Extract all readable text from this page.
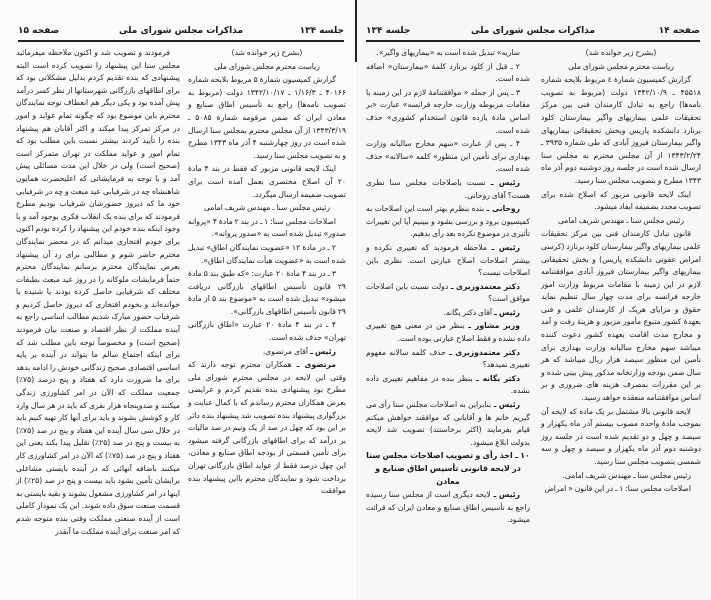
جلسه ۱۳۴
مذاکرات مجلس شورای ملی
صفحه ۱۵

(بشرح زیر خوانده شد)

ریاست محترم مجلس شورای ملی

گزارش کمیسیون شمارهٔ ۵ مربوط بلایحه شماره ۴۰۱۶۶ ـ ۱/۱۶/۳ ـ ۱۳۴۲/۱۰/۱۷ دولت (مربوط به تصویب نامه‌ها) راجع به تأسیس اطاق صنایع و معادن ایران که ضمن مرقومه شمارهٔ ۵۰۸۵ ـ ۱۳۴۳/۳/۱۹ از آن مجلس محترم بمجلس سنا ارسال شده است در روز چهارشنبه ۴ آذر ماه ۱۳۴۳ مطرح و به تصویب مجلس سنا رسید.

اینک لایحه قانونی مزبور که فقط در بند ۴ مادهٔ ۲۰ آن اصلاح مختصری بعمل آمده است برای تصویب ضمیمه ارسال میگردد.

رئیس مجلس سنا ـ مهندس شریف امامی

اصلاحات مجلس سنا: ۱ ـ در بند ۲ مادهٔ ۴ «پروانه صدور» تبدیل شده است به «صدور پروانه».

۲ ـ در مادهٔ ۱۲ «عضویت نمایندگان اطاق» تبدیل شده است به «عضویت هیأت نمایندگان اطاق».

۳ ـ در بند ۴ مادهٔ ۲۰ عبارت: «که طبق بند ۵ مادهٔ ۲۹ قانون تأسیس اطاقهای بازرگانی دریافت میشود» تبدیل شده است به «موضوع بند ۵ از مادهٔ ۲۹ قانون تأسیس اطاقهای بازرگانی».

۴ ـ در بند ۴ مادهٔ ۲۰ عبارت «اطاق بازرگانی تهران» حذف شده است.

رئیس ـ آقای مرتضوی.

مرتضوی ـ همکاران محترم توجه دارند که وقتی این لایحه در مجلس محترم شورای ملی مطرح بود پیشنهادی بنده تقدیم کردم و عرایضی بعرض همکاران محترم رساندم که با کمال عنایت و بزرگواری پیشنهاد بنده تصویب شد پیشنهاد بنده دائر بر این بود که چهل در صد از یک ونیم در صد مالیات بر درآمد که برای اطاقهای بازرگانی گرفته میشود برای تأمین قسمتی از بودجه اطاق صنایع و معادن، این چهل درصد فقط از عواید اطاق بازرگانی تهران برداخت شود و نمایندگان محترم بااین پیشنهاد بنده موافقت

فرمودند و تصویب شد و اکنون ملاحظه میفرمائید مجلس سنا این پیشنهاد را تصویب کرده است البته پیشنهادی که بنده تقدیم کردم بدلیل مشکلاتی بود که برای اطاقهای بازرگانی شهرستانها از نظر کسر درآمد پیش آمده بود و یکی دیگر هم انعطاف توجه نمایندگان محترم باین موضوع بود که چگونه تمام عواید و امور در مرکز تمرکز پیدا میکند و اکثر آقایان هم پیشنهاد بنده را تأیید کردند بیشتر نسبت باین مطلب بود که تمام امور و عواید مملکت در تهران متمرکز است (صحیح است) ولی در خلال این مدت مسائلی پیش آمد و با توجه به فرمایشاتی که اعلیحضرت همایون شاهنشاه چه در شرفیابی عید مبعث و چه در شرفیابی خود ما که دیروز حضورشان شرفیاب بودیم مطرح فرمودند که برای بنده یک انقلاب فکری بوجود آمد و با وجود اینکه بنده خودم این پیشنهاد را کرده بودم اکنون برای خودم افتخاری میدانم که در محضر نمایندگان محترم حاضر شوم و مطالبی برای رد آن پیشنهاد بعرض نمایندگان محترم برسانم نمایندگان محترم حتماً فرمایشات ملوکانه را در روز عید مبعث بطبقات مختلف که شرفیابی حاصل کرده بودند یا شنیده یا خوانده‌اند و بخودم افتخاری که دیروز حاصل کردیم و شرفیاب حضور مبارک شدیم مطالب اساسی راجع به آینده مملکت از نظر اقتصاد و صنعت بیان فرمودند (صحیح است) و مخصوصاً توجه باین مطلب شد که برای اینکه اجتماع سالم ما بتواند در آینده بر پایه اساسی اقتصادی صحیح زندگانی خودش را ادامه بدهد برای ما ضرورت دارد که هفتاد و پنج درصد (۷۵٪) جمعیت مملکت که الآن در امر کشاورزی زندگی میکنند و صدوپنجاه هزار نفری که باید در هر سال وارد کار و کوشش بشوند و باید برای آنها کار تهیه کنیم باید در خلال سی سال آینده این هفتاد و پنج در صد (۷۵٪) به بیست و پنج در صد (۲۵٪) تقلیل پیدا بکند یعنی این هفتاد و پنج در صد (۷۵٪) که الآن در امر کشاورزی کار میکنند باضافه آنهائی که در آینده بایستی مشاغلی برایشان تأمین بشود باید بیست و پنج در صد (۲۵٪) از اینها در امر کشاورزی مشغول بشوند و بقیه بایستی به قسمت صنعت سوق داده شوند. این یک نمودار کاملی است از آینده صنعتی مملکت وقتی بنده متوجه شدم که امر صنعت برای آینده مملکت ما آنقدر

صفحه ۱۴
مذاکرات مجلس شورای ملی
جلسه ۱۳۴

(بشرح زیر خوانده شد)

ریاست محترم مجلس شورای ملی

گزارش کمیسیون شمارهٔ ٤ مربوط بلایحه شماره ۴۵۵۱۸ ـ ۱۳۴۲/۱۰/۹ دولت (مربوط به تصویب نامه‌ها) راجع به تبادل کارمندان فنی بین مرکز تحقیقات علمی بیماریهای واگیر بیمارستان کلود برنارد دانشکده پاریس وبخش تحقیقاتی بیماریهای واگیر بیمارستان فیروز آبادی که طی شماره ۳۹۳۵ ـ ۱۳۴۳/۲/۲۴ از آن مجلس محترم به مجلس سنا ارسال شده است در جلسه روز دوشنبه دوم آذر ماه ۱۳۴۳ مطرح و بتصویب مجلس سنا رسید.

اینک لایحه قانونی مزبور که اصلاح شده برای تصویب مجدد بضمیمه ایفاد میشود.

رئیس مجلس سنا ـ مهندس شریف امامی

قانون تبادل کارمندان فنی بین مرکز تحقیقات علمی بیماریهای واگیر بیمارستان کلود برنارد (کرسی امراض عفونی دانشکده پاریس) و بخش تحقیقاتی بیماریهای واگیر بیمارستان فیروز آبادی موافقتنامه لازم در این زمینه با مقامات مربوط وزارت امور خارجه فرانسه برای مدت چهار سال تنظیم نماید حقوق و مزایای هریک از کارمندان علمی و فنی بعهدهٔ کشور متبوع مأمور مزبور و هزینهٔ رفت و آمد و مخارج مدت اقامت بعهده کشور دعوت کننده میباشد سهم مخارج سالیانه وزارت بهداری برای تأمین این منظور سیصد هزار ریال میباشد که هر سال ضمن بودجه وزارتخانه مذکور پیش بینی شده و بر این مقررات بمصرف هزینه های ضروری و بر اساس موافقتنامه منعقده خواهد رسید.

لایحه قانونی بالا مشتمل بر یک ماده که لایحه آن بموجب مادهٔ واحده مصوب بیستم آذر ماه یکهزار و سیصد و چهل و دو تقدیم شده است در جلسه روز دوشنبه دوم آذر ماه یکهزار و سیصد و چهل و سه شمسی بتصویب مجلس سنا رسید.

رئیس مجلس سنا ـ مهندس شریف امامی.

اصلاحات مجلس سنا: ۱ ـ در این قانون « امراض

ساریه» تبدیل شده است به «بیماریهای واگیر».

۲ ـ قبل از کلود برنارد کلمهٔ «بیمارستان» اضافه شده است.

۳ ـ پس از جمله « موافقتنامهٔ لازم در این زمینه با مقامات مربوطه وزارت خارجه فرانسه» عبارت «بر اساس مادهٔ یازده قانون استخدام کشوری» حذف شده است.

۴ ـ پس از عبارت «سهم مخارج سالیانه وزارت بهداری برای تأمین این منظور» کلمه «سالانه» حذف شده است.

رئیس ـ نسبت باصلاحات مجلس سنا نظری هست؟ آقای روحانی.

روحانی ـ بنده بنظرم بهتر است این اصلاحات به کمیسیون برود و بررسی بشود و ببینیم آیا این تغییرات تأثیری در موضوع نکرده بعد رأی بدهیم.

رئیس ـ ملاحظه فرمودید که تغییری نکرده و بیشتر اصلاحات اصلاح عبارتی است. نظری باین اصلاحات نیست؟

دکتر معتمدوزیری ـ دولت نسبت باین اصلاحات موافق است؟

رئیس ـ آقای دکتر یگانه.

وزیر مشاور ـ بنظر من در معنی هیچ تغییری داده نشده و فقط اصلاح عبارتی بوده است.

دکتر معتمدوزیری ـ حذف کلمه سالانه مفهوم تغییری نمیدهد؟

دکتر یگانه ـ بنظر بنده در مفاهیم تغییری داده نشده.

رئیس ـ بنابراین به اصلاحات مجلس سنا رأی می گیریم خانم ها و آقایانی که موافقند خواهش میکنم قیام بفرمایند (اکثر برخاستند) تصویب شد لایحه بدولت ابلاغ میشود.

۱۰ ـ اخذ رأی و تصویب اصلاحات مجلس سنا در لایحه قانونی تأسیس اطاق صنایع و معادن

رئیس ـ لایحه دیگری است از مجلس سنا رسیده راجع به تأسیس اطاق صنایع و معادن ایران که قرائت میشود.
